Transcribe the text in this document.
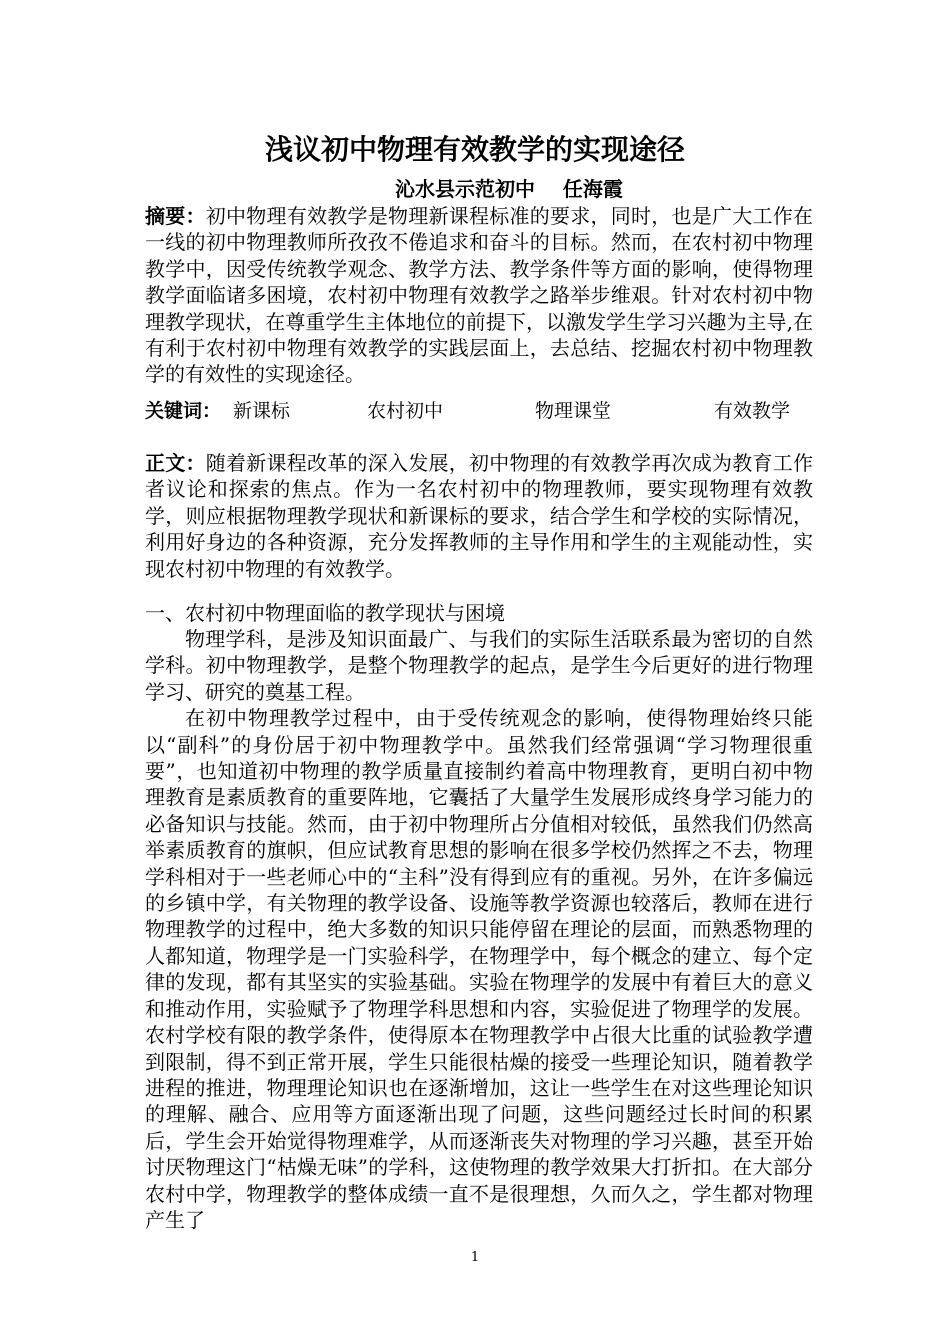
浅议初中物理有效教学的实现途径
沁水县示范初中    任海霞
摘要：初中物理有效教学是物理新课程标准的要求，同时，也是广大工作在一线的初中物理教师所孜孜不倦追求和奋斗的目标。然而，在农村初中物理教学中，因受传统教学观念、教学方法、教学条件等方面的影响，使得物理教学面临诸多困境，农村初中物理有效教学之路举步维艰。针对农村初中物理教学现状，在尊重学生主体地位的前提下，以激发学生学习兴趣为主导,在有利于农村初中物理有效教学的实践层面上，去总结、挖掘农村初中物理教学的有效性的实现途径。
关键词： 新课标	农村初中	物理课堂	有效教学
正文：随着新课程改革的深入发展，初中物理的有效教学再次成为教育工作者议论和探索的焦点。作为一名农村初中的物理教师，要实现物理有效教学，则应根据物理教学现状和新课标的要求，结合学生和学校的实际情况，利用好身边的各种资源，充分发挥教师的主导作用和学生的主观能动性，实现农村初中物理的有效教学。
一、农村初中物理面临的教学现状与困境

物理学科，是涉及知识面最广、与我们的实际生活联系最为密切的自然学科。初中物理教学，是整个物理教学的起点，是学生今后更好的进行物理学习、研究的奠基工程。

在初中物理教学过程中，由于受传统观念的影响，使得物理始终只能以“副科”的身份居于初中物理教学中。虽然我们经常强调“学习物理很重要”，也知道初中物理的教学质量直接制约着高中物理教育，更明白初中物理教育是素质教育的重要阵地，它囊括了大量学生发展形成终身学习能力的必备知识与技能。然而，由于初中物理所占分值相对较低，虽然我们仍然高举素质教育的旗帜，但应试教育思想的影响在很多学校仍然挥之不去，物理学科相对于一些老师心中的“主科”没有得到应有的重视。另外，在许多偏远的乡镇中学，有关物理的教学设备、设施等教学资源也较落后，教师在进行物理教学的过程中，绝大多数的知识只能停留在理论的层面，而熟悉物理的人都知道，物理学是一门实验科学，在物理学中，每个概念的建立、每个定律的发现，都有其坚实的实验基础。实验在物理学的发展中有着巨大的意义和推动作用，实验赋予了物理学科思想和内容，实验促进了物理学的发展。农村学校有限的教学条件，使得原本在物理教学中占很大比重的试验教学遭到限制，得不到正常开展，学生只能很枯燥的接受一些理论知识，随着教学进程的推进，物理理论知识也在逐渐增加，这让一些学生在对这些理论知识的理解、融合、应用等方面逐渐出现了问题，这些问题经过长时间的积累后，学生会开始觉得物理难学，从而逐渐丧失对物理的学习兴趣，甚至开始讨厌物理这门“枯燥无味”的学科，这使物理的教学效果大打折扣。在大部分农村中学，物理教学的整体成绩一直不是很理想，久而久之，学生都对物理产生了

1
